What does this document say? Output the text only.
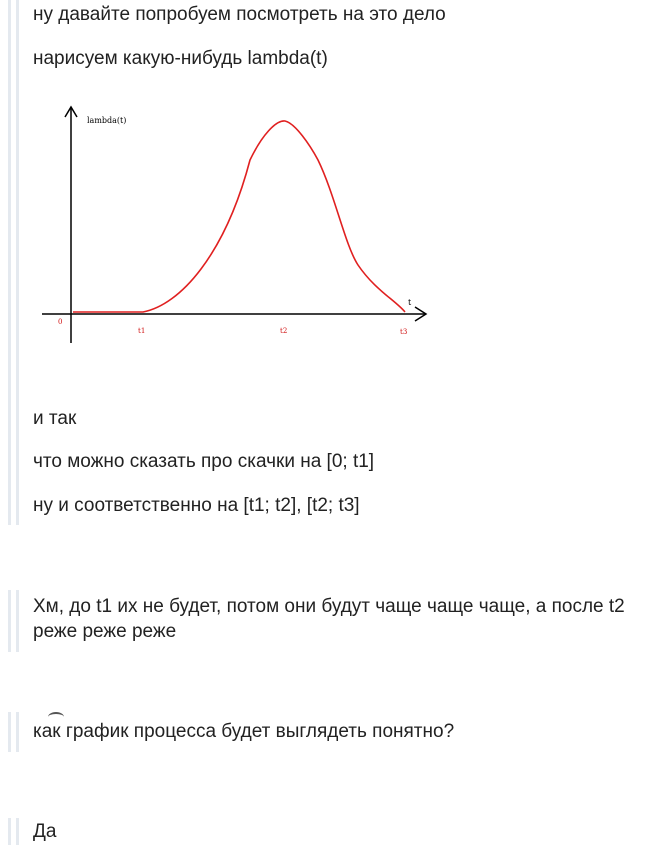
ну давайте попробуем посмотреть на это дело
нарисуем какую-нибудь lambda(t)
lambda(t)
t
0
t1	t2	t3
и так
что можно сказать про скачки на [0; t1]
ну и соответственно на [t1; t2], [t2; t3]
Хм, до t1 их не будет, потом они будут чаще чаще чаще, а после t2
реже реже реже
как график процесса будет выглядеть понятно?
Да
